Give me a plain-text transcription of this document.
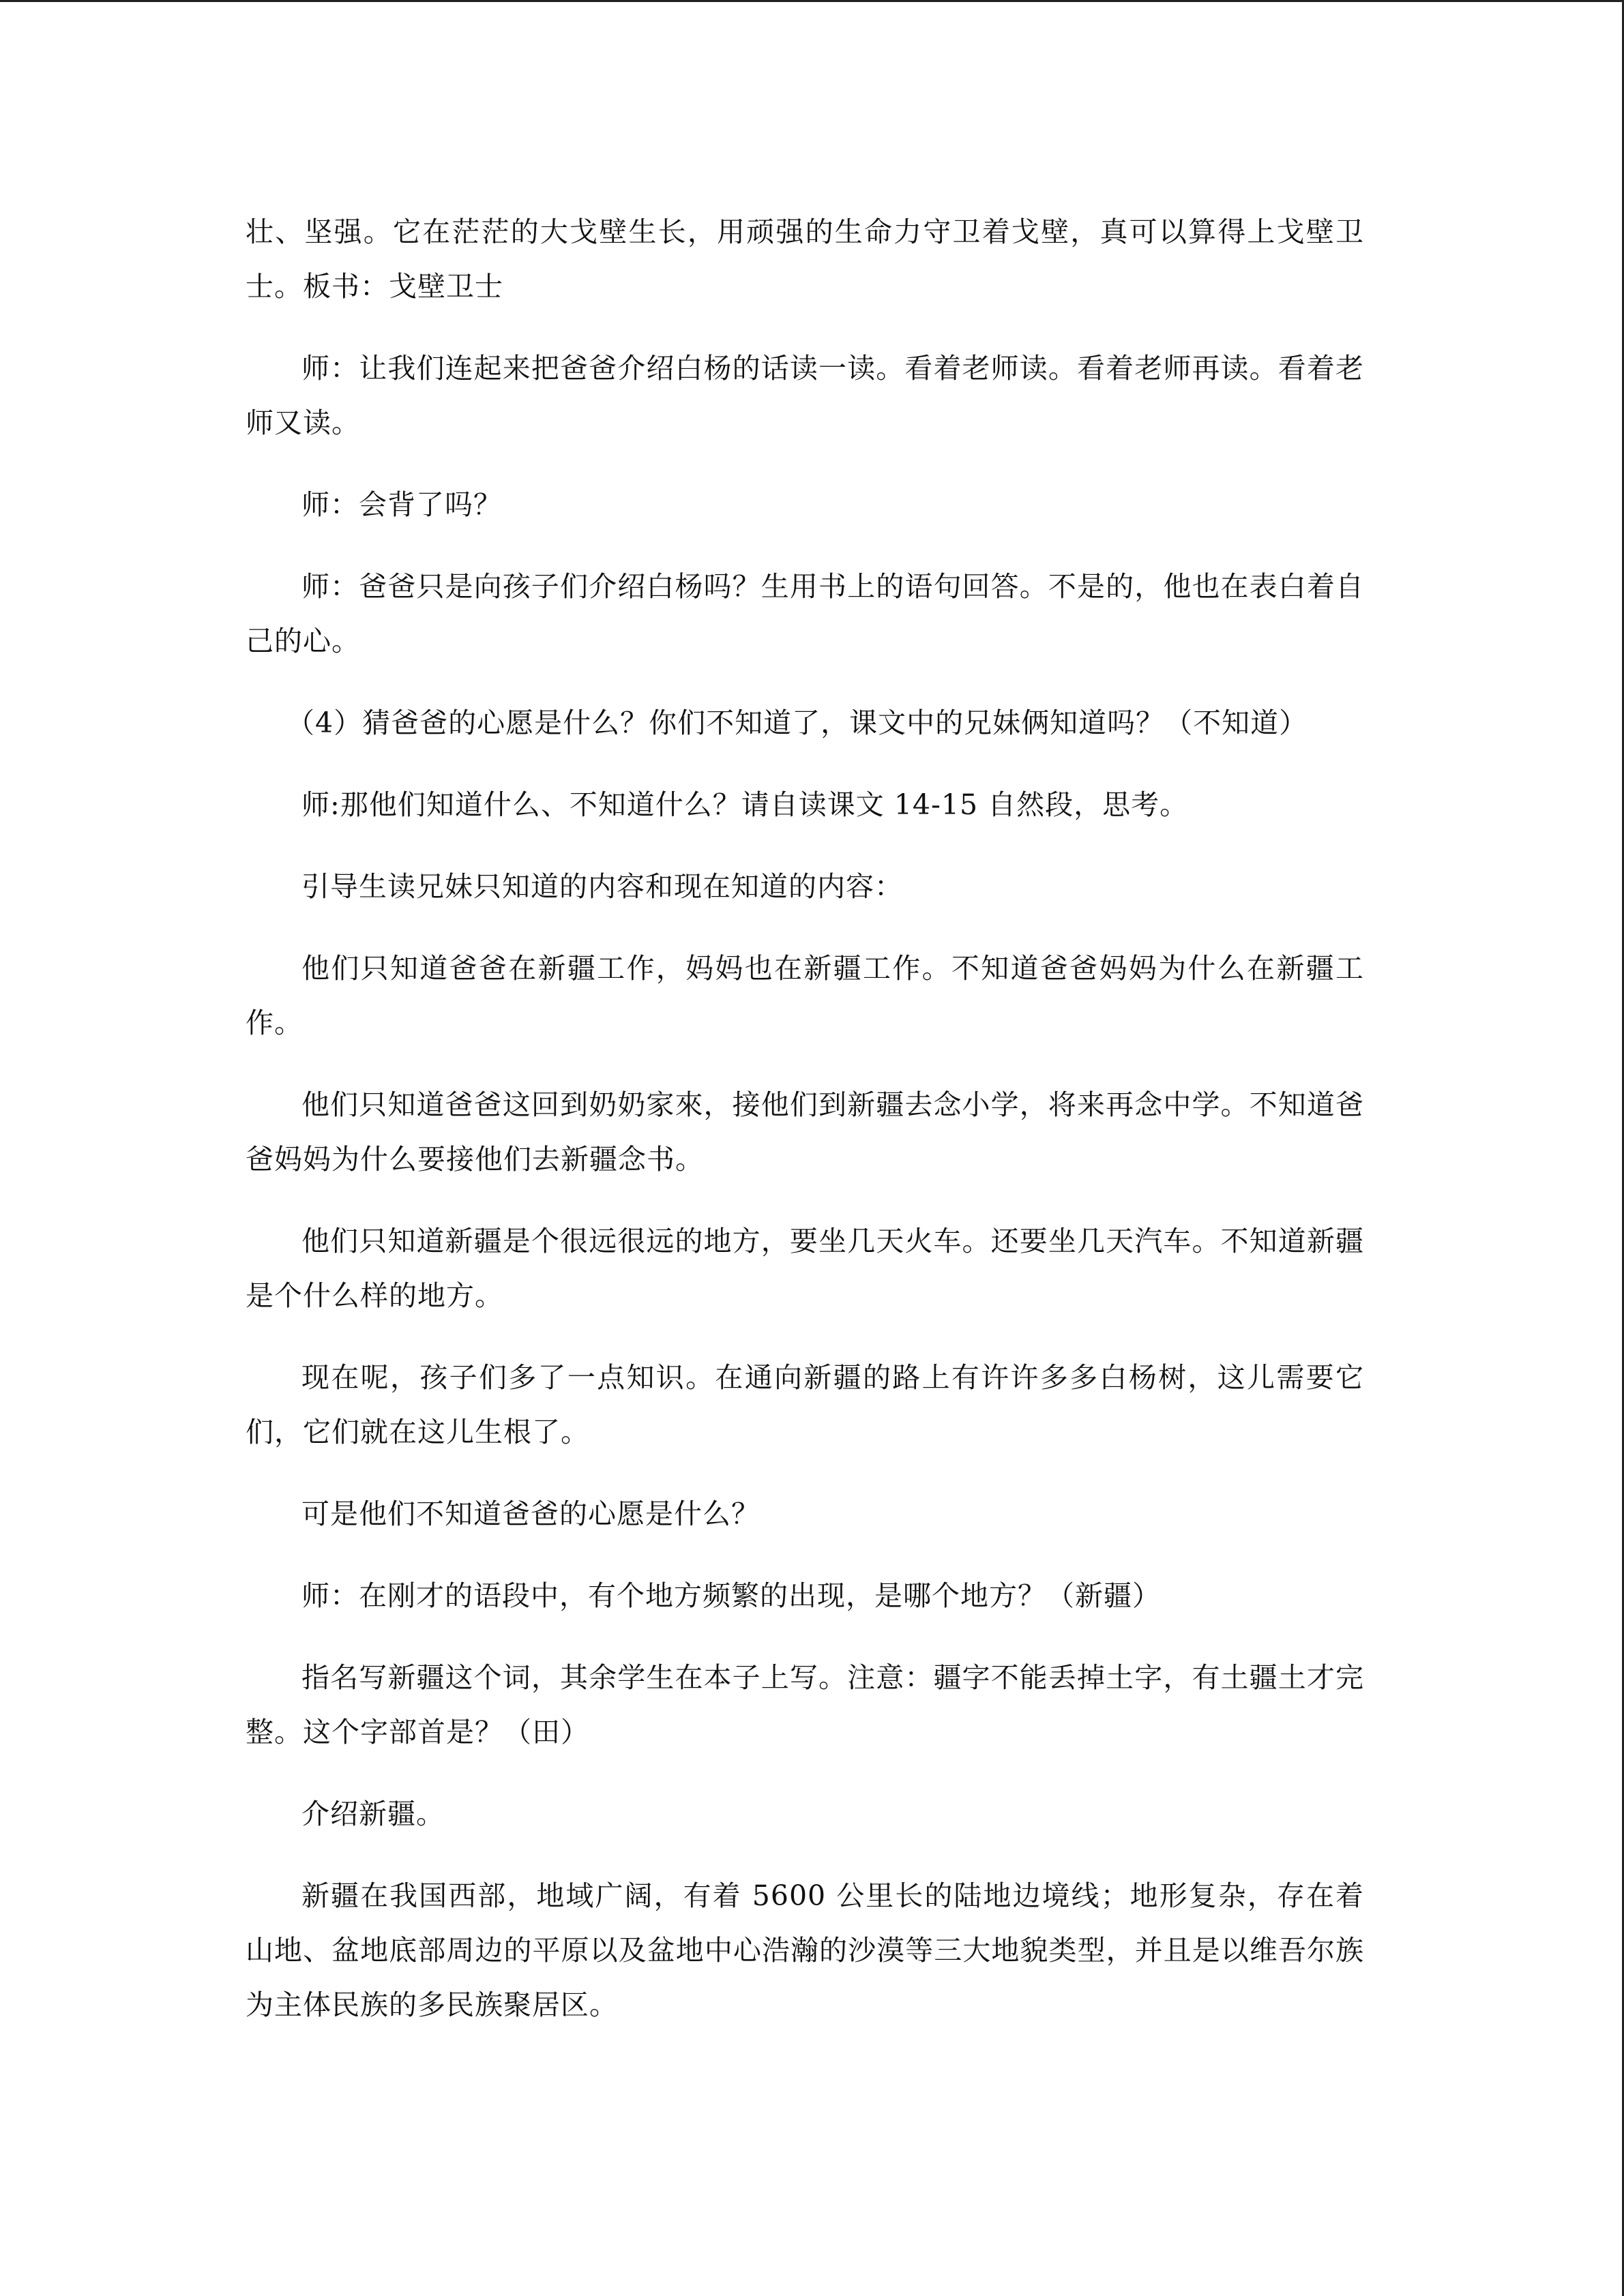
壮、坚强。它在茫茫的大戈壁生长，用顽强的生命力守卫着戈壁，真可以算得上戈壁卫士。板书：戈壁卫士

师：让我们连起来把爸爸介绍白杨的话读一读。看着老师读。看着老师再读。看着老师又读。

师：会背了吗？

师：爸爸只是向孩子们介绍白杨吗？生用书上的语句回答。不是的，他也在表白着自己的心。

（4）猜爸爸的心愿是什么？你们不知道了，课文中的兄妹俩知道吗？（不知道）

师:那他们知道什么、不知道什么？请自读课文 14-15 自然段，思考。

引导生读兄妹只知道的内容和现在知道的内容：

他们只知道爸爸在新疆工作，妈妈也在新疆工作。不知道爸爸妈妈为什么在新疆工作。

他们只知道爸爸这回到奶奶家來，接他们到新疆去念小学，将来再念中学。不知道爸爸妈妈为什么要接他们去新疆念书。

他们只知道新疆是个很远很远的地方，要坐几天火车。还要坐几天汽车。不知道新疆是个什么样的地方。

现在呢，孩子们多了一点知识。在通向新疆的路上有许许多多白杨树，这儿需要它们，它们就在这儿生根了。

可是他们不知道爸爸的心愿是什么？

师：在刚才的语段中，有个地方频繁的出现，是哪个地方？（新疆）

指名写新疆这个词，其余学生在本子上写。注意：疆字不能丢掉土字，有土疆土才完整。这个字部首是？（田）

介绍新疆。

新疆在我国西部，地域广阔，有着 5600 公里长的陆地边境线；地形复杂，存在着山地、盆地底部周边的平原以及盆地中心浩瀚的沙漠等三大地貌类型，并且是以维吾尔族为主体民族的多民族聚居区。
